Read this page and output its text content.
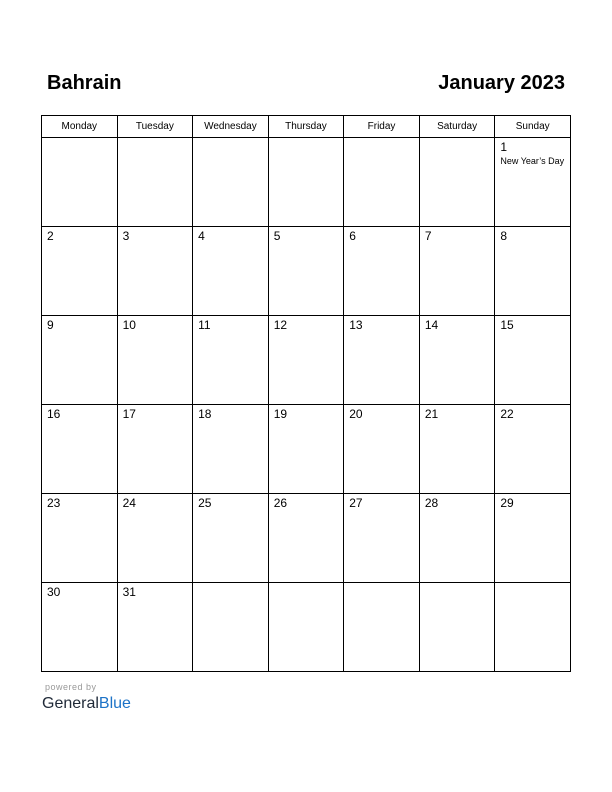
Bahrain	January 2023
Monday	Tuesday	Wednesday	Thursday	Friday	Saturday	Sunday

						1
New Year’s Day

2	3	4	5	6	7	8

9	10	11	12	13	14	15

16	17	18	19	20	21	22

23	24	25	26	27	28	29

30	31					

powered by
GeneralBlue
